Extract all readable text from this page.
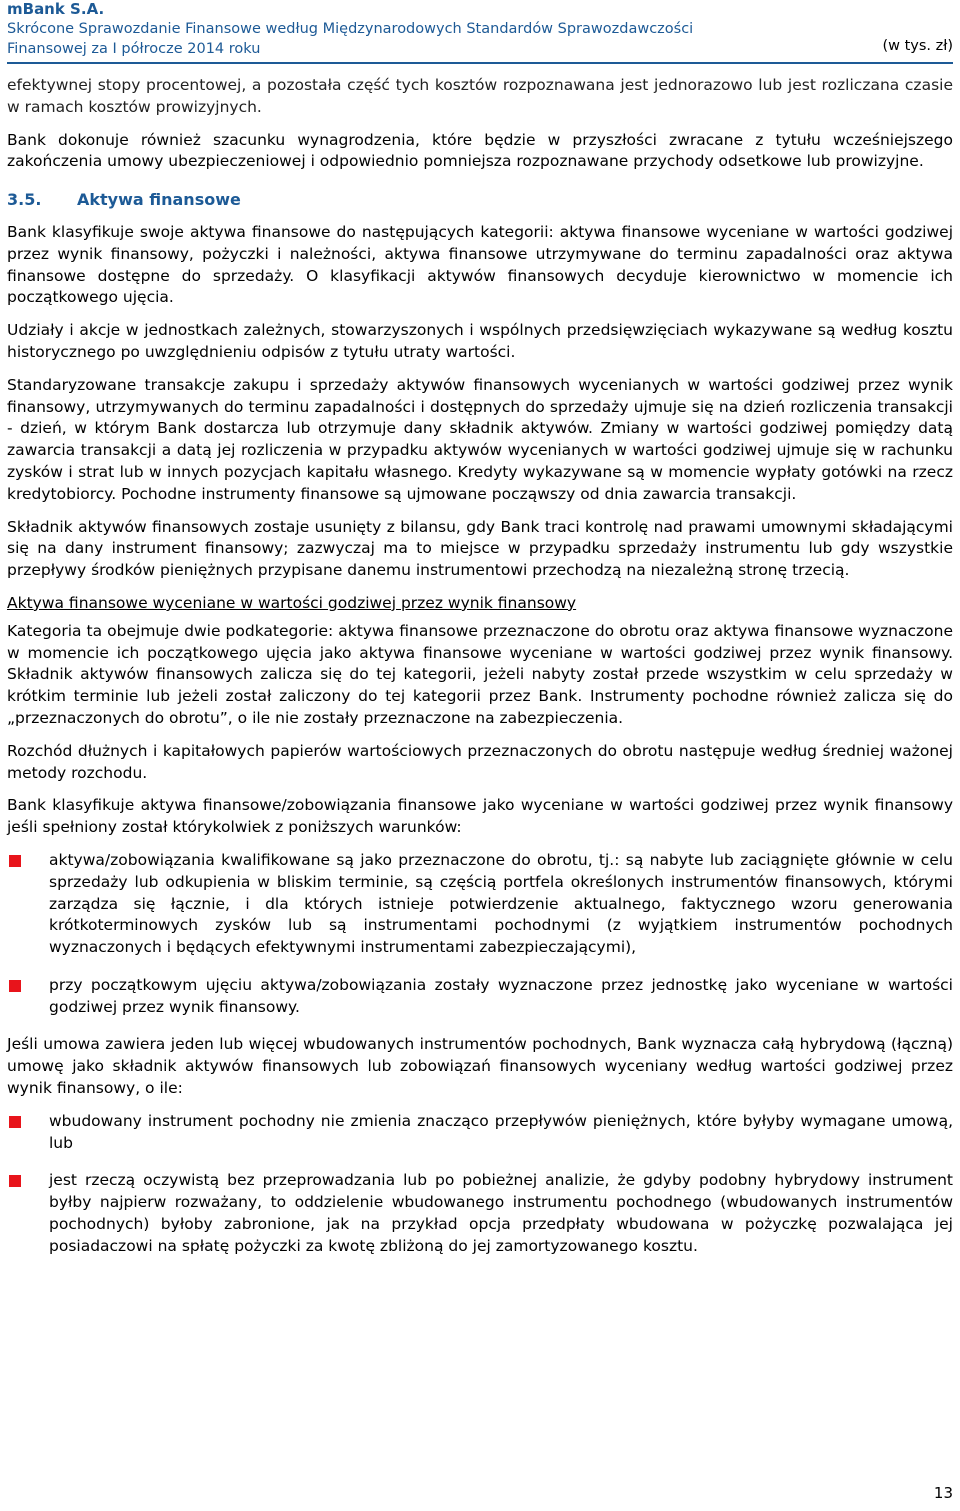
mBank S.A.
Skrócone Sprawozdanie Finansowe według Międzynarodowych Standardów Sprawozdawczości
Finansowej za I półrocze 2014 roku	(w tys. zł)

efektywnej stopy procentowej, a pozostała część tych kosztów rozpoznawana jest jednorazowo lub jest rozliczana czasie w ramach kosztów prowizyjnych.

Bank dokonuje również szacunku wynagrodzenia, które będzie w przyszłości zwracane z tytułu wcześniejszego zakończenia umowy ubezpieczeniowej i odpowiednio pomniejsza rozpoznawane przychody odsetkowe lub prowizyjne.

3.5. Aktywa finansowe

Bank klasyfikuje swoje aktywa finansowe do następujących kategorii: aktywa finansowe wyceniane w wartości godziwej przez wynik finansowy, pożyczki i należności, aktywa finansowe utrzymywane do terminu zapadalności oraz aktywa finansowe dostępne do sprzedaży. O klasyfikacji aktywów finansowych decyduje kierownictwo w momencie ich początkowego ujęcia.

Udziały i akcje w jednostkach zależnych, stowarzyszonych i wspólnych przedsięwzięciach wykazywane są według kosztu historycznego po uwzględnieniu odpisów z tytułu utraty wartości.

Standaryzowane transakcje zakupu i sprzedaży aktywów finansowych wycenianych w wartości godziwej przez wynik finansowy, utrzymywanych do terminu zapadalności i dostępnych do sprzedaży ujmuje się na dzień rozliczenia transakcji - dzień, w którym Bank dostarcza lub otrzymuje dany składnik aktywów. Zmiany w wartości godziwej pomiędzy datą zawarcia transakcji a datą jej rozliczenia w przypadku aktywów wycenianych w wartości godziwej ujmuje się w rachunku zysków i strat lub w innych pozycjach kapitału własnego. Kredyty wykazywane są w momencie wypłaty gotówki na rzecz kredytobiorcy. Pochodne instrumenty finansowe są ujmowane począwszy od dnia zawarcia transakcji.

Składnik aktywów finansowych zostaje usunięty z bilansu, gdy Bank traci kontrolę nad prawami umownymi składającymi się na dany instrument finansowy; zazwyczaj ma to miejsce w przypadku sprzedaży instrumentu lub gdy wszystkie przepływy środków pieniężnych przypisane danemu instrumentowi przechodzą na niezależną stronę trzecią.

Aktywa finansowe wyceniane w wartości godziwej przez wynik finansowy

Kategoria ta obejmuje dwie podkategorie: aktywa finansowe przeznaczone do obrotu oraz aktywa finansowe wyznaczone w momencie ich początkowego ujęcia jako aktywa finansowe wyceniane w wartości godziwej przez wynik finansowy. Składnik aktywów finansowych zalicza się do tej kategorii, jeżeli nabyty został przede wszystkim w celu sprzedaży w krótkim terminie lub jeżeli został zaliczony do tej kategorii przez Bank. Instrumenty pochodne również zalicza się do „przeznaczonych do obrotu”, o ile nie zostały przeznaczone na zabezpieczenia.

Rozchód dłużnych i kapitałowych papierów wartościowych przeznaczonych do obrotu następuje według średniej ważonej metody rozchodu.

Bank klasyfikuje aktywa finansowe/zobowiązania finansowe jako wyceniane w wartości godziwej przez wynik finansowy jeśli spełniony został którykolwiek z poniższych warunków:

aktywa/zobowiązania kwalifikowane są jako przeznaczone do obrotu, tj.: są nabyte lub zaciągnięte głównie w celu sprzedaży lub odkupienia w bliskim terminie, są częścią portfela określonych instrumentów finansowych, którymi zarządza się łącznie, i dla których istnieje potwierdzenie aktualnego, faktycznego wzoru generowania krótkoterminowych zysków lub są instrumentami pochodnymi (z wyjątkiem instrumentów pochodnych wyznaczonych i będących efektywnymi instrumentami zabezpieczającymi),
przy początkowym ujęciu aktywa/zobowiązania zostały wyznaczone przez jednostkę jako wyceniane w wartości godziwej przez wynik finansowy.

Jeśli umowa zawiera jeden lub więcej wbudowanych instrumentów pochodnych, Bank wyznacza całą hybrydową (łączną) umowę jako składnik aktywów finansowych lub zobowiązań finansowych wyceniany według wartości godziwej przez wynik finansowy, o ile:

wbudowany instrument pochodny nie zmienia znacząco przepływów pieniężnych, które byłyby wymagane umową, lub
jest rzeczą oczywistą bez przeprowadzania lub po pobieżnej analizie, że gdyby podobny hybrydowy instrument byłby najpierw rozważany, to oddzielenie wbudowanego instrumentu pochodnego (wbudowanych instrumentów pochodnych) byłoby zabronione, jak na przykład opcja przedpłaty wbudowana w pożyczkę pozwalająca jej posiadaczowi na spłatę pożyczki za kwotę zbliżoną do jej zamortyzowanego kosztu.
13
